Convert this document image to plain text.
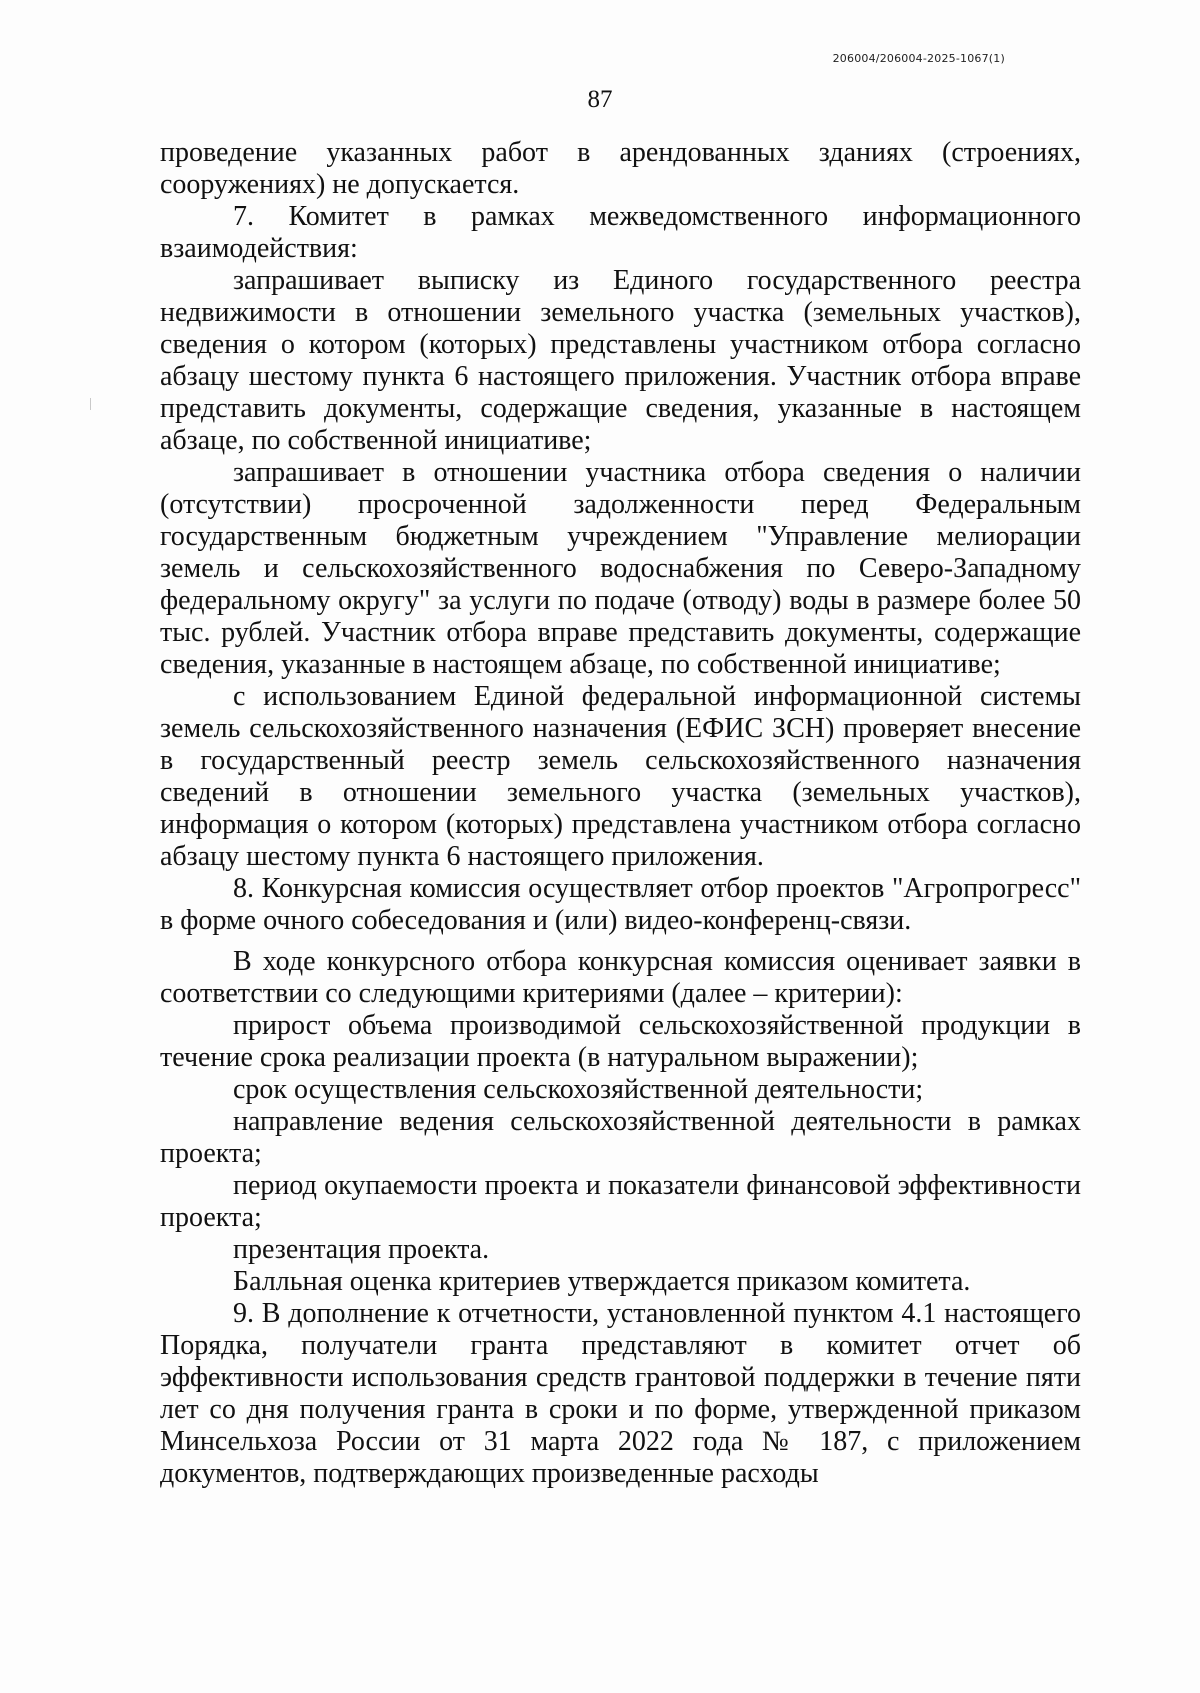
206004/206004-2025-1067(1)
87

проведение указанных работ в арендованных зданиях (строениях, сооружениях) не допускается.

7. Комитет в рамках межведомственного информационного взаимодействия:

запрашивает выписку из Единого государственного реестра недвижимости в отношении земельного участка (земельных участков), сведения о котором (которых) представлены участником отбора согласно абзацу шестому пункта 6 настоящего приложения. Участник отбора вправе представить документы, содержащие сведения, указанные в настоящем абзаце, по собственной инициативе;

запрашивает в отношении участника отбора сведения о наличии (отсутствии) просроченной задолженности перед Федеральным государственным бюджетным учреждением "Управление мелиорации земель и сельскохозяйственного водоснабжения по Северо-Западному федеральному округу" за услуги по подаче (отводу) воды в размере более 50 тыс. рублей. Участник отбора вправе представить документы, содержащие сведения, указанные в настоящем абзаце, по собственной инициативе;

с использованием Единой федеральной информационной системы земель сельскохозяйственного назначения (ЕФИС ЗСН) проверяет внесение в государственный реестр земель сельскохозяйственного назначения сведений в отношении земельного участка (земельных участков), информация о котором (которых) представлена участником отбора согласно абзацу шестому пункта 6 настоящего приложения.

8. Конкурсная комиссия осуществляет отбор проектов "Агропрогресс" в форме очного собеседования и (или) видео-конференц-связи.

В ходе конкурсного отбора конкурсная комиссия оценивает заявки в соответствии со следующими критериями (далее – критерии):

прирост объема производимой сельскохозяйственной продукции в течение срока реализации проекта (в натуральном выражении);

срок осуществления сельскохозяйственной деятельности;

направление ведения сельскохозяйственной деятельности в рамках проекта;

период окупаемости проекта и показатели финансовой эффективности проекта;

презентация проекта.

Балльная оценка критериев утверждается приказом комитета.

9. В дополнение к отчетности, установленной пунктом 4.1 настоящего Порядка, получатели гранта представляют в комитет отчет об эффективности использования средств грантовой поддержки в течение пяти лет со дня получения гранта в сроки и по форме, утвержденной приказом Минсельхоза России от 31 марта 2022 года № 187, с приложением документов, подтверждающих произведенные расходы
